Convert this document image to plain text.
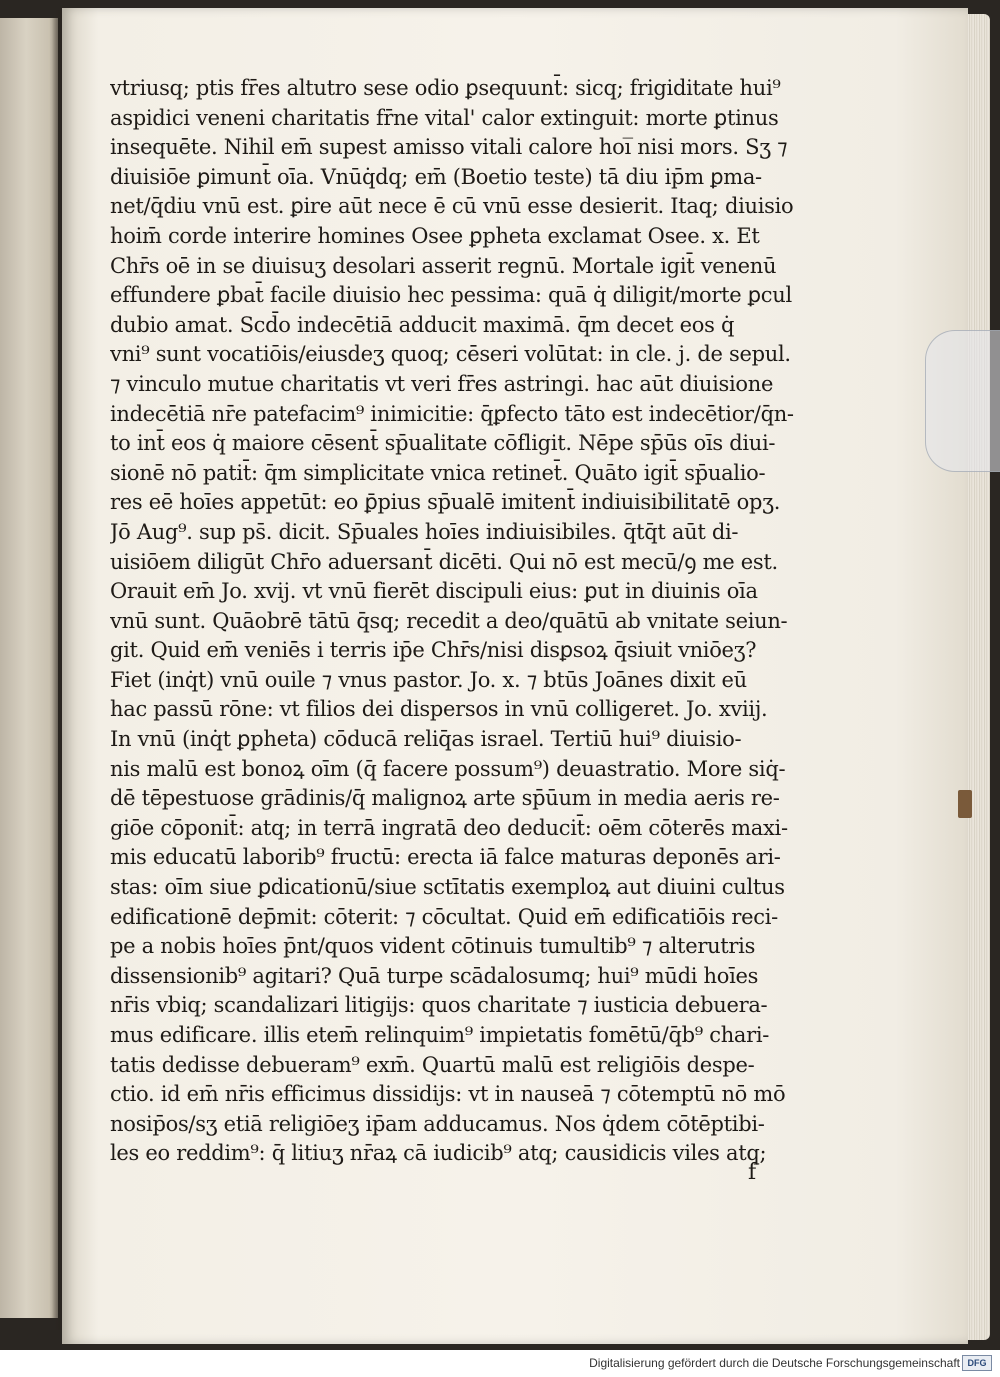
vtriusq; ptis fr̄es altutro sese odio ꝑsequunt̄: sicq; frigiditate hui⁹
aspidici veneni charitatis fr̄ne vital' calor extinguit: morte ꝑtinus
insequēte. Nihil em̄ supest amisso vitali calore hoi̅ nisi mors. Sʒ ⁊
diuisiōe ꝑimunt̄ oīa. Vnūq̇dq; em̄ (Boetio teste) tā diu ip̄m ꝑma-
net/q̄diu vnū est. ꝑire aūt nece ē cū vnū esse desierit. Itaq; diuisio
hoim̄ corde interire homines Osee ꝑpheta exclamat Osee. x. Et
Chr̄s oē in se diuisuʒ desolari asserit regnū. Mortale igit̄ venenū
effundere ꝑbat̄ facile diuisio hec pessima: quā q̇ diligit/morte ꝑcul
dubio amat. Scd̄o indecētiā adducit maximā. q̄m decet eos q̇
vni⁹ sunt vocatiōis/eiusdeʒ quoq; cēseri volūtat: in cle. j. de sepul.
⁊ vinculo mutue charitatis vt veri fr̄es astringi. hac aūt diuisione
indecētiā nr̄e patefacim⁹ inimicitie: q̄ꝑfecto tāto est indecētior/q̄n-
to int̄ eos q̇ maiore cēsent̄ sp̄ualitate cōfligit. Nēpe sp̄ūs oīs diui-
sionē nō patit̄: q̄m simplicitate vnica retinet̄. Quāto igit̄ sp̄ualio-
res eē hoīes appetūt: eo ꝑ̄pius sp̄ualē imitent̄ indiuisibilitatē opʒ.
Jō Aug⁹. sup ps̄. dicit. Sp̄uales hoīes indiuisibiles. q̄tq̄t aūt di-
uisiōem diligūt Chr̄o aduersant̄ dicēti. Qui nō est mecū/ꝯ me est.
Orauit em̄ Jo. xvij. vt vnū fierēt discipuli eius: ꝑut in diuinis oīa
vnū sunt. Quāobrē tātū q̄sq; recedit a deo/quātū ab vnitate seiun-
git. Quid em̄ veniēs i terris ip̄e Chr̄s/nisi disꝑsoꝝ q̄siuit vniōeʒ?
Fiet (inq̇t) vnū ouile ⁊ vnus pastor. Jo. x. ⁊ btūs Joānes dixit eū
hac passū rōne: vt filios dei dispersos in vnū colligeret. Jo. xviij.
In vnū (inq̇t ꝑpheta) cōducā reliq̄as israel. Tertiū hui⁹ diuisio-
nis malū est bonoꝝ oīm (q̄ facere possum⁹) deuastratio. More siq̇-
dē tēpestuose grādinis/q̄ malignoꝝ arte sp̄ūum in media aeris re-
giōe cōponit̄: atq; in terrā ingratā deo deducit̄: oēm cōterēs maxi-
mis educatū laborib⁹ fructū: erecta iā falce maturas deponēs ari-
stas: oīm siue ꝑdicationū/siue sctītatis exemploꝝ aut diuini cultus
edificationē dep̄mit: cōterit: ⁊ cōcultat. Quid em̄ edificatiōis reci-
pe a nobis hoīes p̄nt/quos vident cōtinuis tumultib⁹ ⁊ alterutris
dissensionib⁹ agitari? Quā turpe scādalosumq; hui⁹ mūdi hoīes
nr̄is vbiq; scandalizari litigijs: quos charitate ⁊ iusticia debuera-
mus edificare. illis etem̄ relinquim⁹ impietatis fomētū/q̄b⁹ chari-
tatis dedisse debueram⁹ exm̄. Quartū malū est religiōis despe-
ctio. id em̄ nr̄is efficimus dissidijs: vt in nauseā ⁊ cōtemptū nō mō
nosip̄os/sʒ etiā religiōeʒ ip̄am adducamus. Nos q̇dem cōtēptibi-
les eo reddim⁹: q̄ litiuʒ nr̄aꝝ cā iudicib⁹ atq; causidicis viles atq;
f
Digitalisierung gefördert durch die Deutsche Forschungsgemeinschaft DFG
